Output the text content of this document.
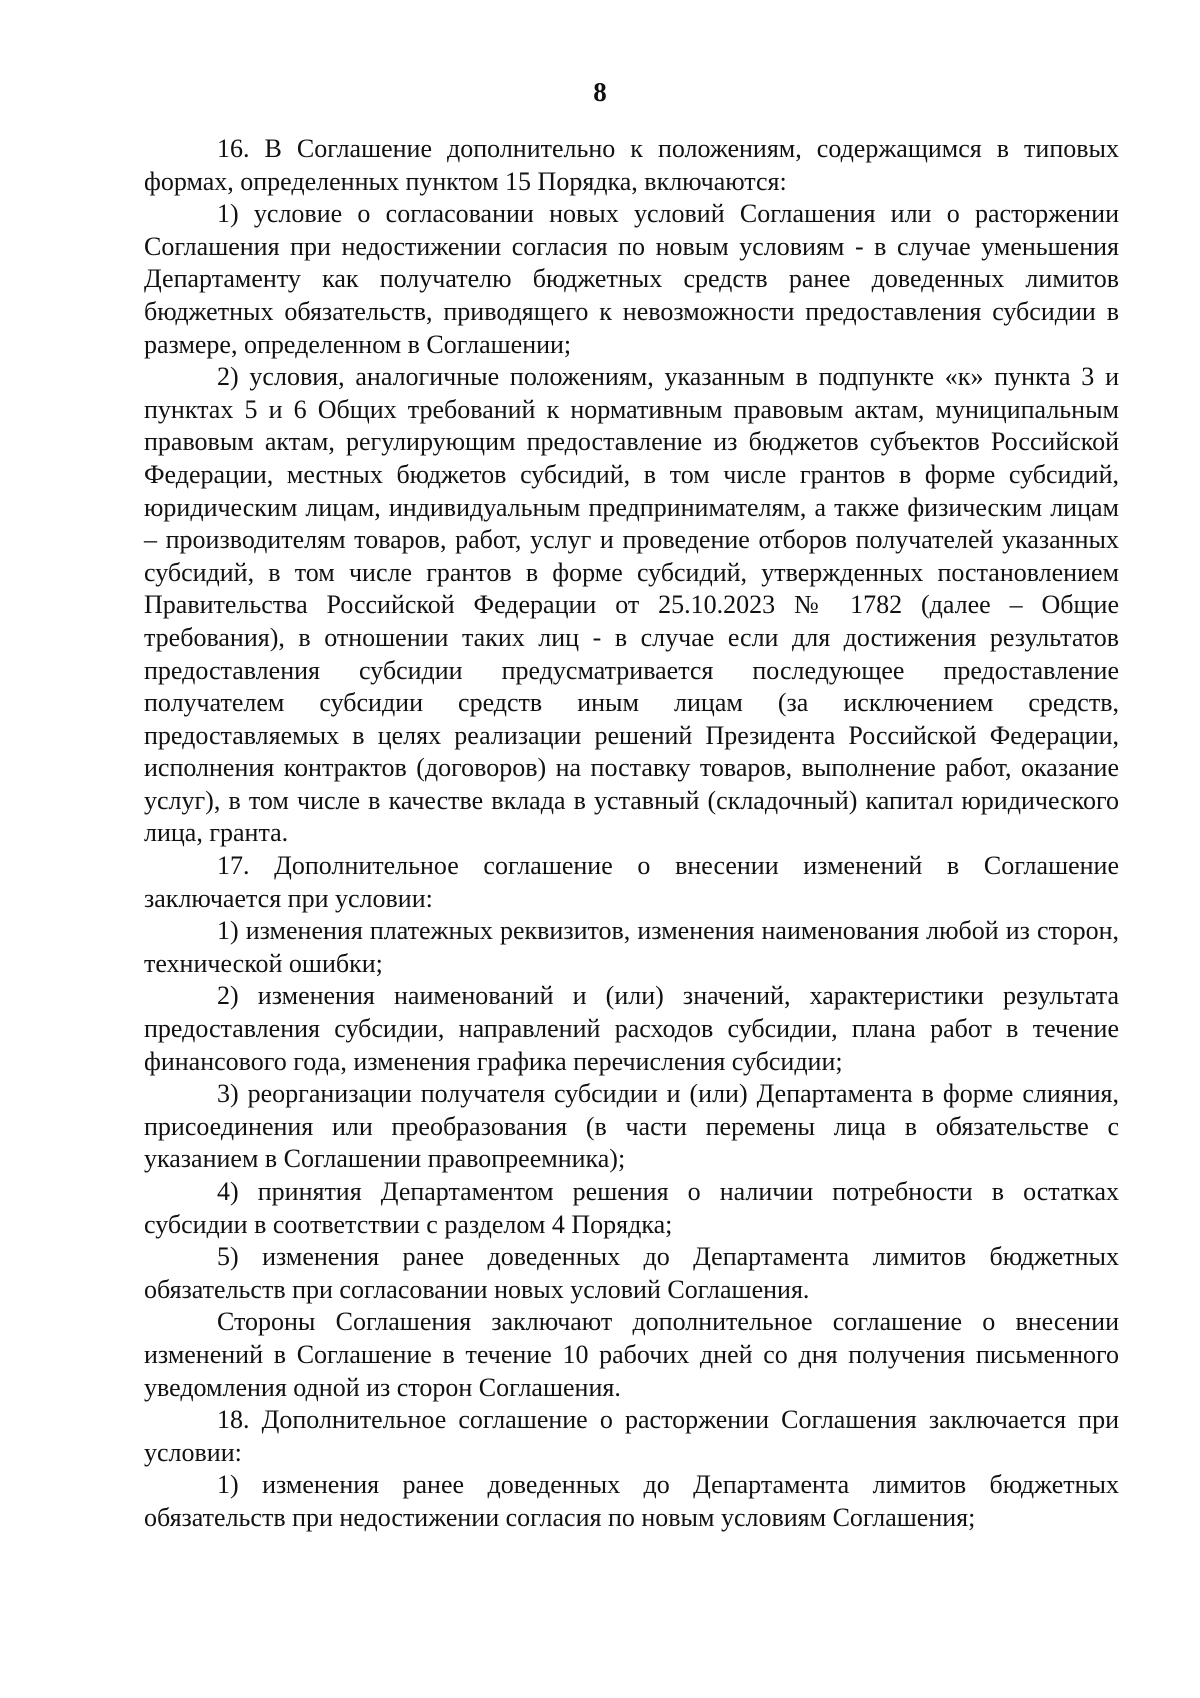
8

16. В Соглашение дополнительно к положениям, содержащимся в типовых формах, определенных пунктом 15 Порядка, включаются:

1) условие о согласовании новых условий Соглашения или о расторжении Соглашения при недостижении согласия по новым условиям - в случае уменьшения Департаменту как получателю бюджетных средств ранее доведенных лимитов бюджетных обязательств, приводящего к невозможности предоставления субсидии в размере, определенном в Соглашении;

2) условия, аналогичные положениям, указанным в подпункте «к» пункта 3 и пунктах 5 и 6 Общих требований к нормативным правовым актам, муниципальным правовым актам, регулирующим предоставление из бюджетов субъектов Российской Федерации, местных бюджетов субсидий, в том числе грантов в форме субсидий, юридическим лицам, индивидуальным предпринимателям, а также физическим лицам – производителям товаров, работ, услуг и проведение отборов получателей указанных субсидий, в том числе грантов в форме субсидий, утвержденных постановлением Правительства Российской Федерации от 25.10.2023 № 1782 (далее – Общие требования), в отношении таких лиц - в случае если для достижения результатов предоставления субсидии предусматривается последующее предоставление получателем субсидии средств иным лицам (за исключением средств, предоставляемых в целях реализации решений Президента Российской Федерации, исполнения контрактов (договоров) на поставку товаров, выполнение работ, оказание услуг), в том числе в качестве вклада в уставный (складочный) капитал юридического лица, гранта.

17. Дополнительное соглашение о внесении изменений в Соглашение заключается при условии:

1) изменения платежных реквизитов, изменения наименования любой из сторон, технической ошибки;

2) изменения наименований и (или) значений, характеристики результата предоставления субсидии, направлений расходов субсидии, плана работ в течение финансового года, изменения графика перечисления субсидии;

3) реорганизации получателя субсидии и (или) Департамента в форме слияния, присоединения или преобразования (в части перемены лица в обязательстве с указанием в Соглашении правопреемника);

4) принятия Департаментом решения о наличии потребности в остатках субсидии в соответствии с разделом 4 Порядка;

5) изменения ранее доведенных до Департамента лимитов бюджетных обязательств при согласовании новых условий Соглашения.

Стороны Соглашения заключают дополнительное соглашение о внесении изменений в Соглашение в течение 10 рабочих дней со дня получения письменного уведомления одной из сторон Соглашения.

18. Дополнительное соглашение о расторжении Соглашения заключается при условии:

1) изменения ранее доведенных до Департамента лимитов бюджетных обязательств при недостижении согласия по новым условиям Соглашения;
